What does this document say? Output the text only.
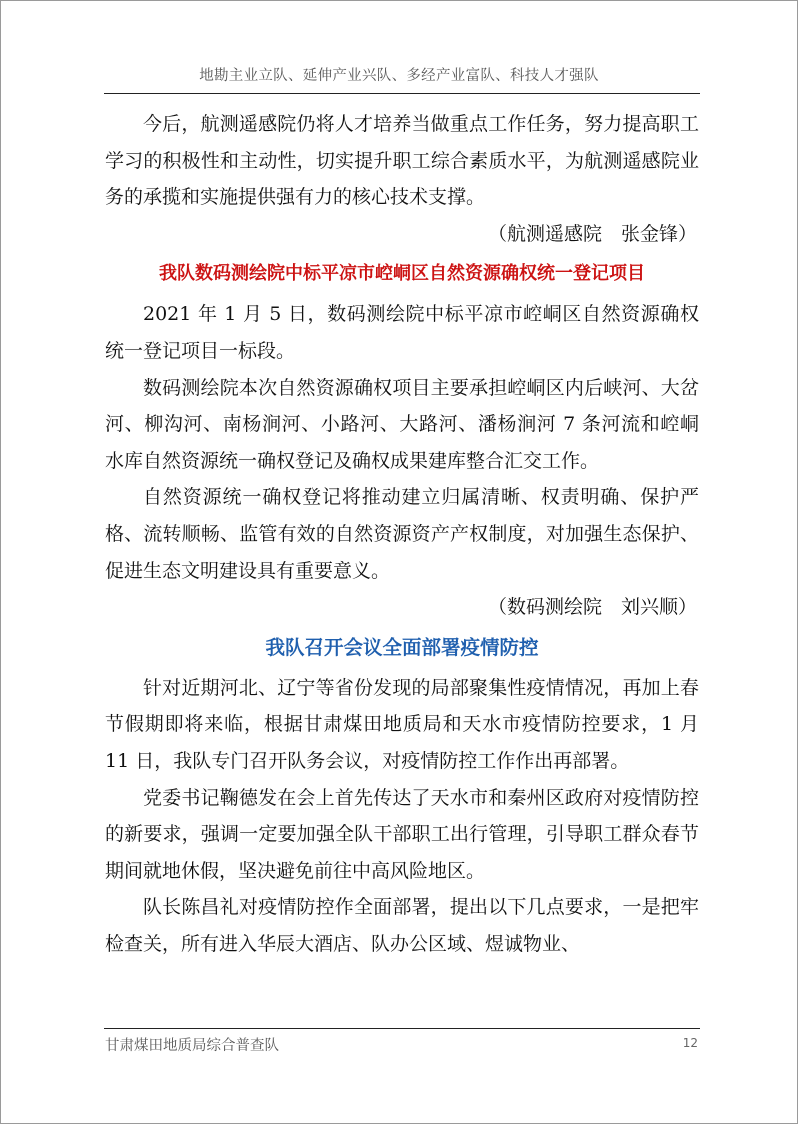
地勘主业立队、延伸产业兴队、多经产业富队、科技人才强队

今后，航测遥感院仍将人才培养当做重点工作任务，努力提高职工学习的积极性和主动性，切实提升职工综合素质水平，为航测遥感院业务的承揽和实施提供强有力的核心技术支撑。

（航测遥感院　张金锋）

我队数码测绘院中标平凉市崆峒区自然资源确权统一登记项目

2021 年 1 月 5 日，数码测绘院中标平凉市崆峒区自然资源确权统一登记项目一标段。

数码测绘院本次自然资源确权项目主要承担崆峒区内后峡河、大岔河、柳沟河、南杨涧河、小路河、大路河、潘杨涧河 7 条河流和崆峒水库自然资源统一确权登记及确权成果建库整合汇交工作。

自然资源统一确权登记将推动建立归属清晰、权责明确、保护严格、流转顺畅、监管有效的自然资源资产产权制度，对加强生态保护、促进生态文明建设具有重要意义。

（数码测绘院　刘兴顺）

我队召开会议全面部署疫情防控

针对近期河北、辽宁等省份发现的局部聚集性疫情情况，再加上春节假期即将来临，根据甘肃煤田地质局和天水市疫情防控要求，1 月 11 日，我队专门召开队务会议，对疫情防控工作作出再部署。

党委书记鞠德发在会上首先传达了天水市和秦州区政府对疫情防控的新要求，强调一定要加强全队干部职工出行管理，引导职工群众春节期间就地休假，坚决避免前往中高风险地区。

队长陈昌礼对疫情防控作全面部署，提出以下几点要求，一是把牢检查关，所有进入华辰大酒店、队办公区域、煜诚物业、

甘肃煤田地质局综合普查队	12
